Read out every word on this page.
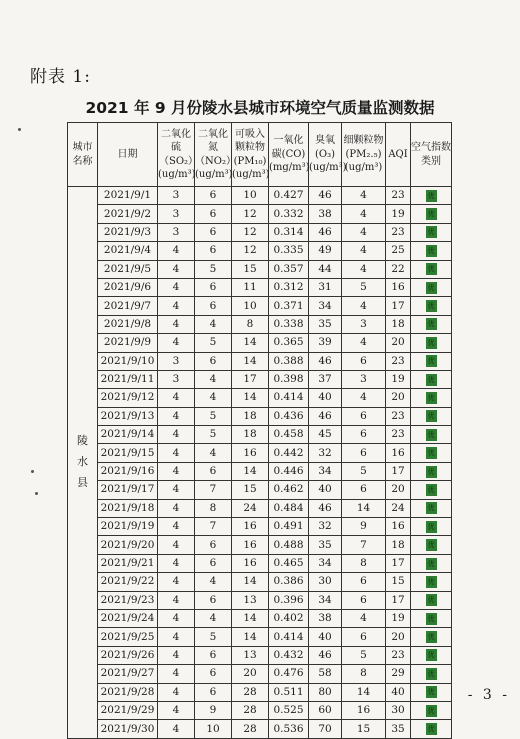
附表 1:
2021 年 9 月份陵水县城市环境空气质量监测数据
城市名称	日期	二氧化硫（SO₂）(ug/m³)	二氧化氮（NO₂）(ug/m³)	可吸入颗粒物(PM₁₀)(ug/m³)	一氧化碳(CO)(mg/m³)	臭氧(O₃)(ug/m³)	细颗粒物(PM₂.₅)(ug/m³)	AQI	空气指数类别
陵水县	2021/9/1	3	6	10	0.427	46	4	23	优
	2021/9/2	3	6	12	0.332	38	4	19	优
	2021/9/3	3	6	12	0.314	46	4	23	优
	2021/9/4	4	6	12	0.335	49	4	25	优
	2021/9/5	4	5	15	0.357	44	4	22	优
	2021/9/6	4	6	11	0.312	31	5	16	优
	2021/9/7	4	6	10	0.371	34	4	17	优
	2021/9/8	4	4	8	0.338	35	3	18	优
	2021/9/9	4	5	14	0.365	39	4	20	优
	2021/9/10	3	6	14	0.388	46	6	23	优
	2021/9/11	3	4	17	0.398	37	3	19	优
	2021/9/12	4	4	14	0.414	40	4	20	优
	2021/9/13	4	5	18	0.436	46	6	23	优
	2021/9/14	4	5	18	0.458	45	6	23	优
	2021/9/15	4	4	16	0.442	32	6	16	优
	2021/9/16	4	6	14	0.446	34	5	17	优
	2021/9/17	4	7	15	0.462	40	6	20	优
	2021/9/18	4	8	24	0.484	46	14	24	优
	2021/9/19	4	7	16	0.491	32	9	16	优
	2021/9/20	4	6	16	0.488	35	7	18	优
	2021/9/21	4	6	16	0.465	34	8	17	优
	2021/9/22	4	4	14	0.386	30	6	15	优
	2021/9/23	4	6	13	0.396	34	6	17	优
	2021/9/24	4	4	14	0.402	38	4	19	优
	2021/9/25	4	5	14	0.414	40	6	20	优
	2021/9/26	4	6	13	0.432	46	5	23	优
	2021/9/27	4	6	20	0.476	58	8	29	优
	2021/9/28	4	6	28	0.511	80	14	40	优
	2021/9/29	4	9	28	0.525	60	16	30	优
	2021/9/30	4	10	28	0.536	70	15	35	优
- 3 -
